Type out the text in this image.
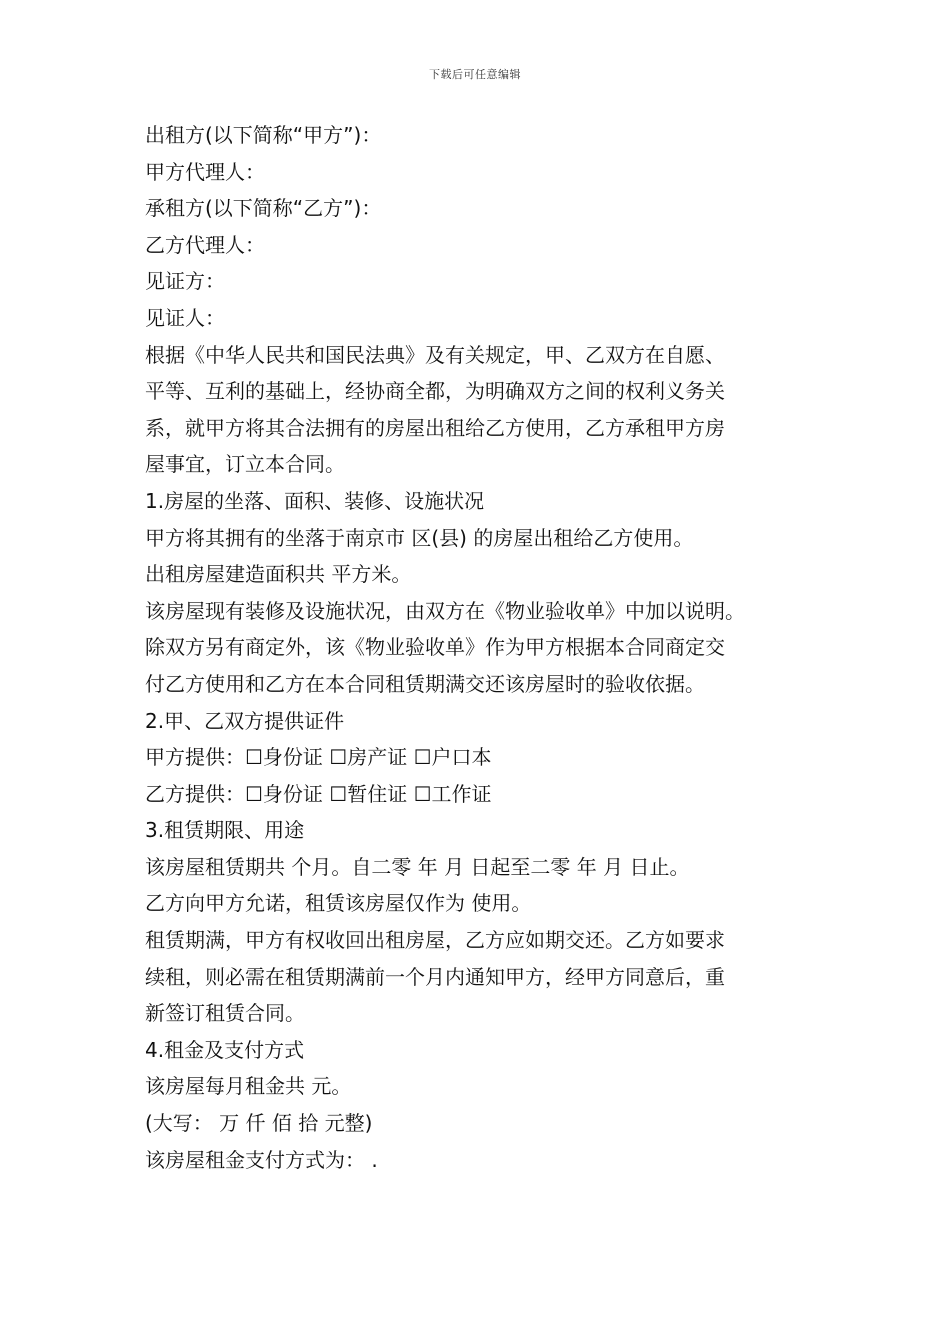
下载后可任意编辑
出租方(以下简称“甲方”)：
甲方代理人：
承租方(以下简称“乙方”)：
乙方代理人：
见证方：
见证人：
根据《中华人民共和国民法典》及有关规定，甲、乙双方在自愿、
平等、互利的基础上，经协商全都，为明确双方之间的权利义务关
系，就甲方将其合法拥有的房屋出租给乙方使用，乙方承租甲方房
屋事宜，订立本合同。
1.房屋的坐落、面积、装修、设施状况
甲方将其拥有的坐落于南京市 区(县) 的房屋出租给乙方使用。
出租房屋建造面积共 平方米。
该房屋现有装修及设施状况，由双方在《物业验收单》中加以说明。
除双方另有商定外，该《物业验收单》作为甲方根据本合同商定交
付乙方使用和乙方在本合同租赁期满交还该房屋时的验收依据。
2.甲、乙双方提供证件
甲方提供：☐身份证 ☐房产证 ☐户口本
乙方提供：☐身份证 ☐暂住证 ☐工作证
3.租赁期限、用途
该房屋租赁期共 个月。自二零 年 月 日起至二零 年 月 日止。
乙方向甲方允诺，租赁该房屋仅作为 使用。
租赁期满，甲方有权收回出租房屋，乙方应如期交还。乙方如要求
续租，则必需在租赁期满前一个月内通知甲方，经甲方同意后，重
新签订租赁合同。
4.租金及支付方式
该房屋每月租金共 元。
(大写： 万 仟 佰 拾 元整)
该房屋租金支付方式为： .
